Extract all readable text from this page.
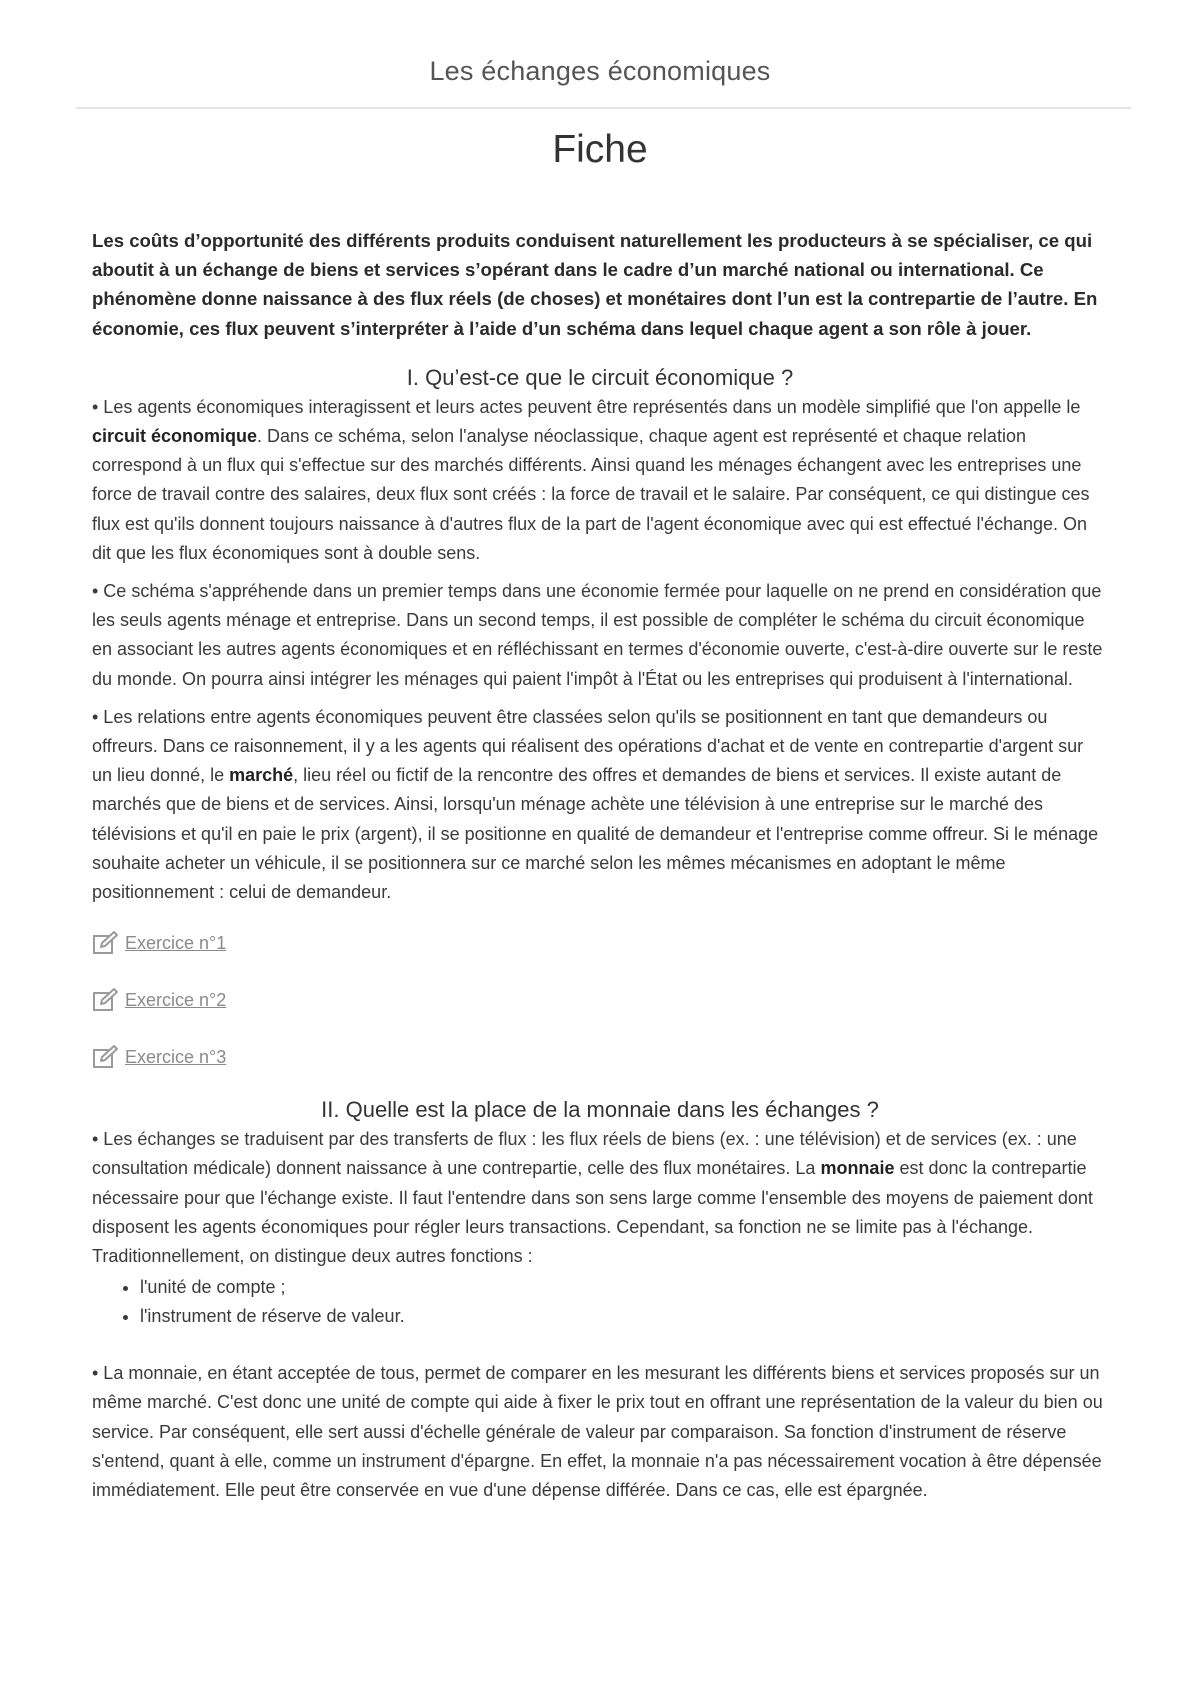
Les échanges économiques
Fiche

Les coûts d’opportunité des différents produits conduisent naturellement les producteurs à se spécialiser, ce qui aboutit à un échange de biens et services s’opérant dans le cadre d’un marché national ou international. Ce phénomène donne naissance à des flux réels (de choses) et monétaires dont l’un est la contrepartie de l’autre. En économie, ces flux peuvent s’interpréter à l’aide d’un schéma dans lequel chaque agent a son rôle à jouer.

I. Qu’est-ce que le circuit économique ?

• Les agents économiques interagissent et leurs actes peuvent être représentés dans un modèle simplifié que l'on appelle le circuit économique. Dans ce schéma, selon l'analyse néoclassique, chaque agent est représenté et chaque relation correspond à un flux qui s'effectue sur des marchés différents. Ainsi quand les ménages échangent avec les entreprises une force de travail contre des salaires, deux flux sont créés : la force de travail et le salaire. Par conséquent, ce qui distingue ces flux est qu'ils donnent toujours naissance à d'autres flux de la part de l'agent économique avec qui est effectué l'échange. On dit que les flux économiques sont à double sens.

• Ce schéma s'appréhende dans un premier temps dans une économie fermée pour laquelle on ne prend en considération que les seuls agents ménage et entreprise. Dans un second temps, il est possible de compléter le schéma du circuit économique en associant les autres agents économiques et en réfléchissant en termes d'économie ouverte, c'est-à-dire ouverte sur le reste du monde. On pourra ainsi intégrer les ménages qui paient l'impôt à l'État ou les entreprises qui produisent à l'international.

• Les relations entre agents économiques peuvent être classées selon qu'ils se positionnent en tant que demandeurs ou offreurs. Dans ce raisonnement, il y a les agents qui réalisent des opérations d'achat et de vente en contrepartie d'argent sur un lieu donné, le marché, lieu réel ou fictif de la rencontre des offres et demandes de biens et services. Il existe autant de marchés que de biens et de services. Ainsi, lorsqu'un ménage achète une télévision à une entreprise sur le marché des télévisions et qu'il en paie le prix (argent), il se positionne en qualité de demandeur et l'entreprise comme offreur. Si le ménage souhaite acheter un véhicule, il se positionnera sur ce marché selon les mêmes mécanismes en adoptant le même positionnement : celui de demandeur.

Exercice n°1
Exercice n°2
Exercice n°3
II. Quelle est la place de la monnaie dans les échanges ?

• Les échanges se traduisent par des transferts de flux : les flux réels de biens (ex. : une télévision) et de services (ex. : une consultation médicale) donnent naissance à une contrepartie, celle des flux monétaires. La monnaie est donc la contrepartie nécessaire pour que l'échange existe. Il faut l'entendre dans son sens large comme l'ensemble des moyens de paiement dont disposent les agents économiques pour régler leurs transactions. Cependant, sa fonction ne se limite pas à l'échange. Traditionnellement, on distingue deux autres fonctions :

• l'unité de compte ;
• l'instrument de réserve de valeur.

• La monnaie, en étant acceptée de tous, permet de comparer en les mesurant les différents biens et services proposés sur un même marché. C'est donc une unité de compte qui aide à fixer le prix tout en offrant une représentation de la valeur du bien ou service. Par conséquent, elle sert aussi d'échelle générale de valeur par comparaison. Sa fonction d'instrument de réserve s'entend, quant à elle, comme un instrument d'épargne. En effet, la monnaie n'a pas nécessairement vocation à être dépensée immédiatement. Elle peut être conservée en vue d'une dépense différée. Dans ce cas, elle est épargnée.
